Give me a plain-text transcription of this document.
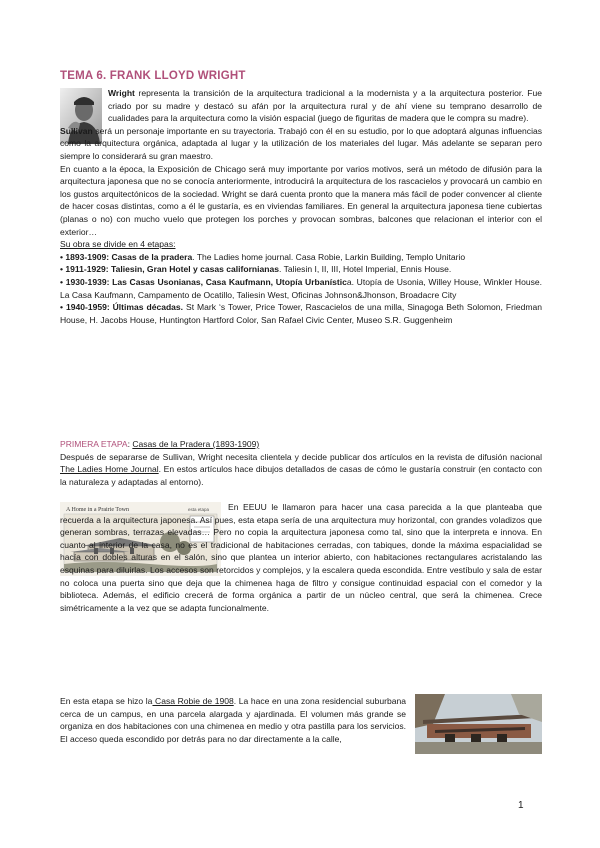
TEMA 6. FRANK LLOYD WRIGHT

Wright representa la transición de la arquitectura tradicional a la modernista y a la arquitectura posterior. Fue criado por su madre y destacó su afán por la arquitectura rural y de ahí viene su temprano desarrollo de cualidades para la arquitectura como la visión espacial (juego de figuritas de madera que le compra su madre).

Sullivan será un personaje importante en su trayectoria. Trabajó con él en su estudio, por lo que adoptará algunas influencias como la arquitectura orgánica, adaptada al lugar y la utilización de los materiales del lugar. Más adelante se separan pero siempre lo considerará su gran maestro.

En cuanto a la época, la Exposición de Chicago será muy importante por varios motivos, será un método de difusión para la arquitectura japonesa que no se conocía anteriormente, introducirá la arquitectura de los rascacielos y provocará un cambio en los gustos arquitectónicos de la sociedad. Wright se dará cuenta pronto que la manera más fácil de poder convencer al cliente de hacer cosas distintas, como a él le gustaría, es en viviendas familiares. En general la arquitectura japonesa tiene cubiertas (planas o no) con mucho vuelo que protegen los porches y provocan sombras, balcones que relacionan el interior con el exterior…

Su obra se divide en 4 etapas:

• 1893-1909: Casas de la pradera. The Ladies home journal. Casa Robie, Larkin Building, Templo Unitario

• 1911-1929: Taliesin, Gran Hotel y casas californianas. Taliesin I, II, III, Hotel Imperial, Ennis House.

• 1930-1939: Las Casas Usonianas, Casa Kaufmann, Utopía Urbanística. Utopía de Usonia, Willey House, Winkler House. La Casa Kaufmann, Campamento de Ocatillo, Taliesin West, Oficinas Johnson&Jhonson, Broadacre City

• 1940-1959: Últimas décadas. St Mark ‘s Tower, Price Tower, Rascacielos de una milla, Sinagoga Beth Solomon, Friedman House, H. Jacobs House, Huntington Hartford Color, San Rafael Civic Center, Museo S.R. Guggenheim

PRIMERA ETAPA: Casas de la Pradera (1893-1909)

Después de separarse de Sullivan, Wright necesita clientela y decide publicar dos artículos en la revista de difusión nacional The Ladies Home Journal. En estos artículos hace dibujos detallados de casas de cómo le gustaría construir (en contacto con la naturaleza y adaptadas al entorno).

A Home in a Prairie Town	esta etapa	En EEUU le llamaron para hacer una casa parecida a la que planteaba que recuerda a la arquitectura japonesa. Así pues, esta etapa sería de una arquitectura muy horizontal, con grandes voladizos que generan sombras, terrazas elevadas… Pero no copia la arquitectura japonesa como tal, sino que la interpreta e innova. En cuanto al interior de la casa, no es el tradicional de habitaciones cerradas, con tabiques, donde la máxima espacialidad se hacía con dobles alturas en el salón, sino que plantea un interior abierto, con habitaciones rectangulares acristalando las esquinas para diluirlas. Los accesos son retorcidos y complejos, y la escalera queda escondida. Entre vestíbulo y sala de estar no coloca una puerta sino que deja que la chimenea haga de filtro y consigue continuidad espacial con el comedor y la biblioteca. Además, el edificio crecerá de forma orgánica a partir de un núcleo central, que será la chimenea. Crece simétricamente a la vez que se adapta funcionalmente.

En esta etapa se hizo la Casa Robie de 1908. La hace en una zona residencial suburbana cerca de un campus, en una parcela alargada y ajardinada. El volumen más grande se organiza en dos habitaciones con una chimenea en medio y otra pastilla para los servicios. El acceso queda escondido por detrás para no dar directamente a la calle,

1
